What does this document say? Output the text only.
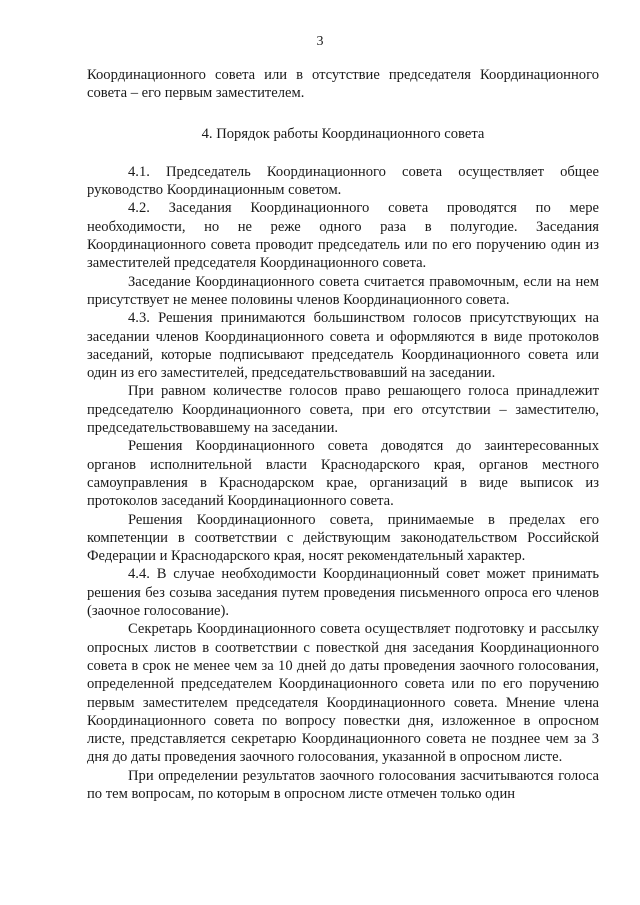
3

Координационного совета или в отсутствие председателя Координационного совета – его первым заместителем.

4. Порядок работы Координационного совета

4.1. Председатель Координационного совета осуществляет общее руководство Координационным советом.

4.2. Заседания Координационного совета проводятся по мере необходимости, но не реже одного раза в полугодие. Заседания Координационного совета проводит председатель или по его поручению один из заместителей председателя Координационного совета.

Заседание Координационного совета считается правомочным, если на нем присутствует не менее половины членов Координационного совета.

4.3. Решения принимаются большинством голосов присутствующих на заседании членов Координационного совета и оформляются в виде протоколов заседаний, которые подписывают председатель Координационного совета или один из его заместителей, председательствовавший на заседании.

При равном количестве голосов право решающего голоса принадлежит председателю Координационного совета, при его отсутствии – заместителю, председательствовавшему на заседании.

Решения Координационного совета доводятся до заинтересованных органов исполнительной власти Краснодарского края, органов местного самоуправления в Краснодарском крае, организаций в виде выписок из протоколов заседаний Координационного совета.

Решения Координационного совета, принимаемые в пределах его компетенции в соответствии с действующим законодательством Российской Федерации и Краснодарского края, носят рекомендательный характер.

4.4. В случае необходимости Координационный совет может принимать решения без созыва заседания путем проведения письменного опроса его членов (заочное голосование).

Секретарь Координационного совета осуществляет подготовку и рассылку опросных листов в соответствии с повесткой дня заседания Координационного совета в срок не менее чем за 10 дней до даты проведения заочного голосования, определенной председателем Координационного совета или по его поручению первым заместителем председателя Координационного совета. Мнение члена Координационного совета по вопросу повестки дня, изложенное в опросном листе, представляется секретарю Координационного совета не позднее чем за 3 дня до даты проведения заочного голосования, указанной в опросном листе.

При определении результатов заочного голосования засчитываются голоса по тем вопросам, по которым в опросном листе отмечен только один
